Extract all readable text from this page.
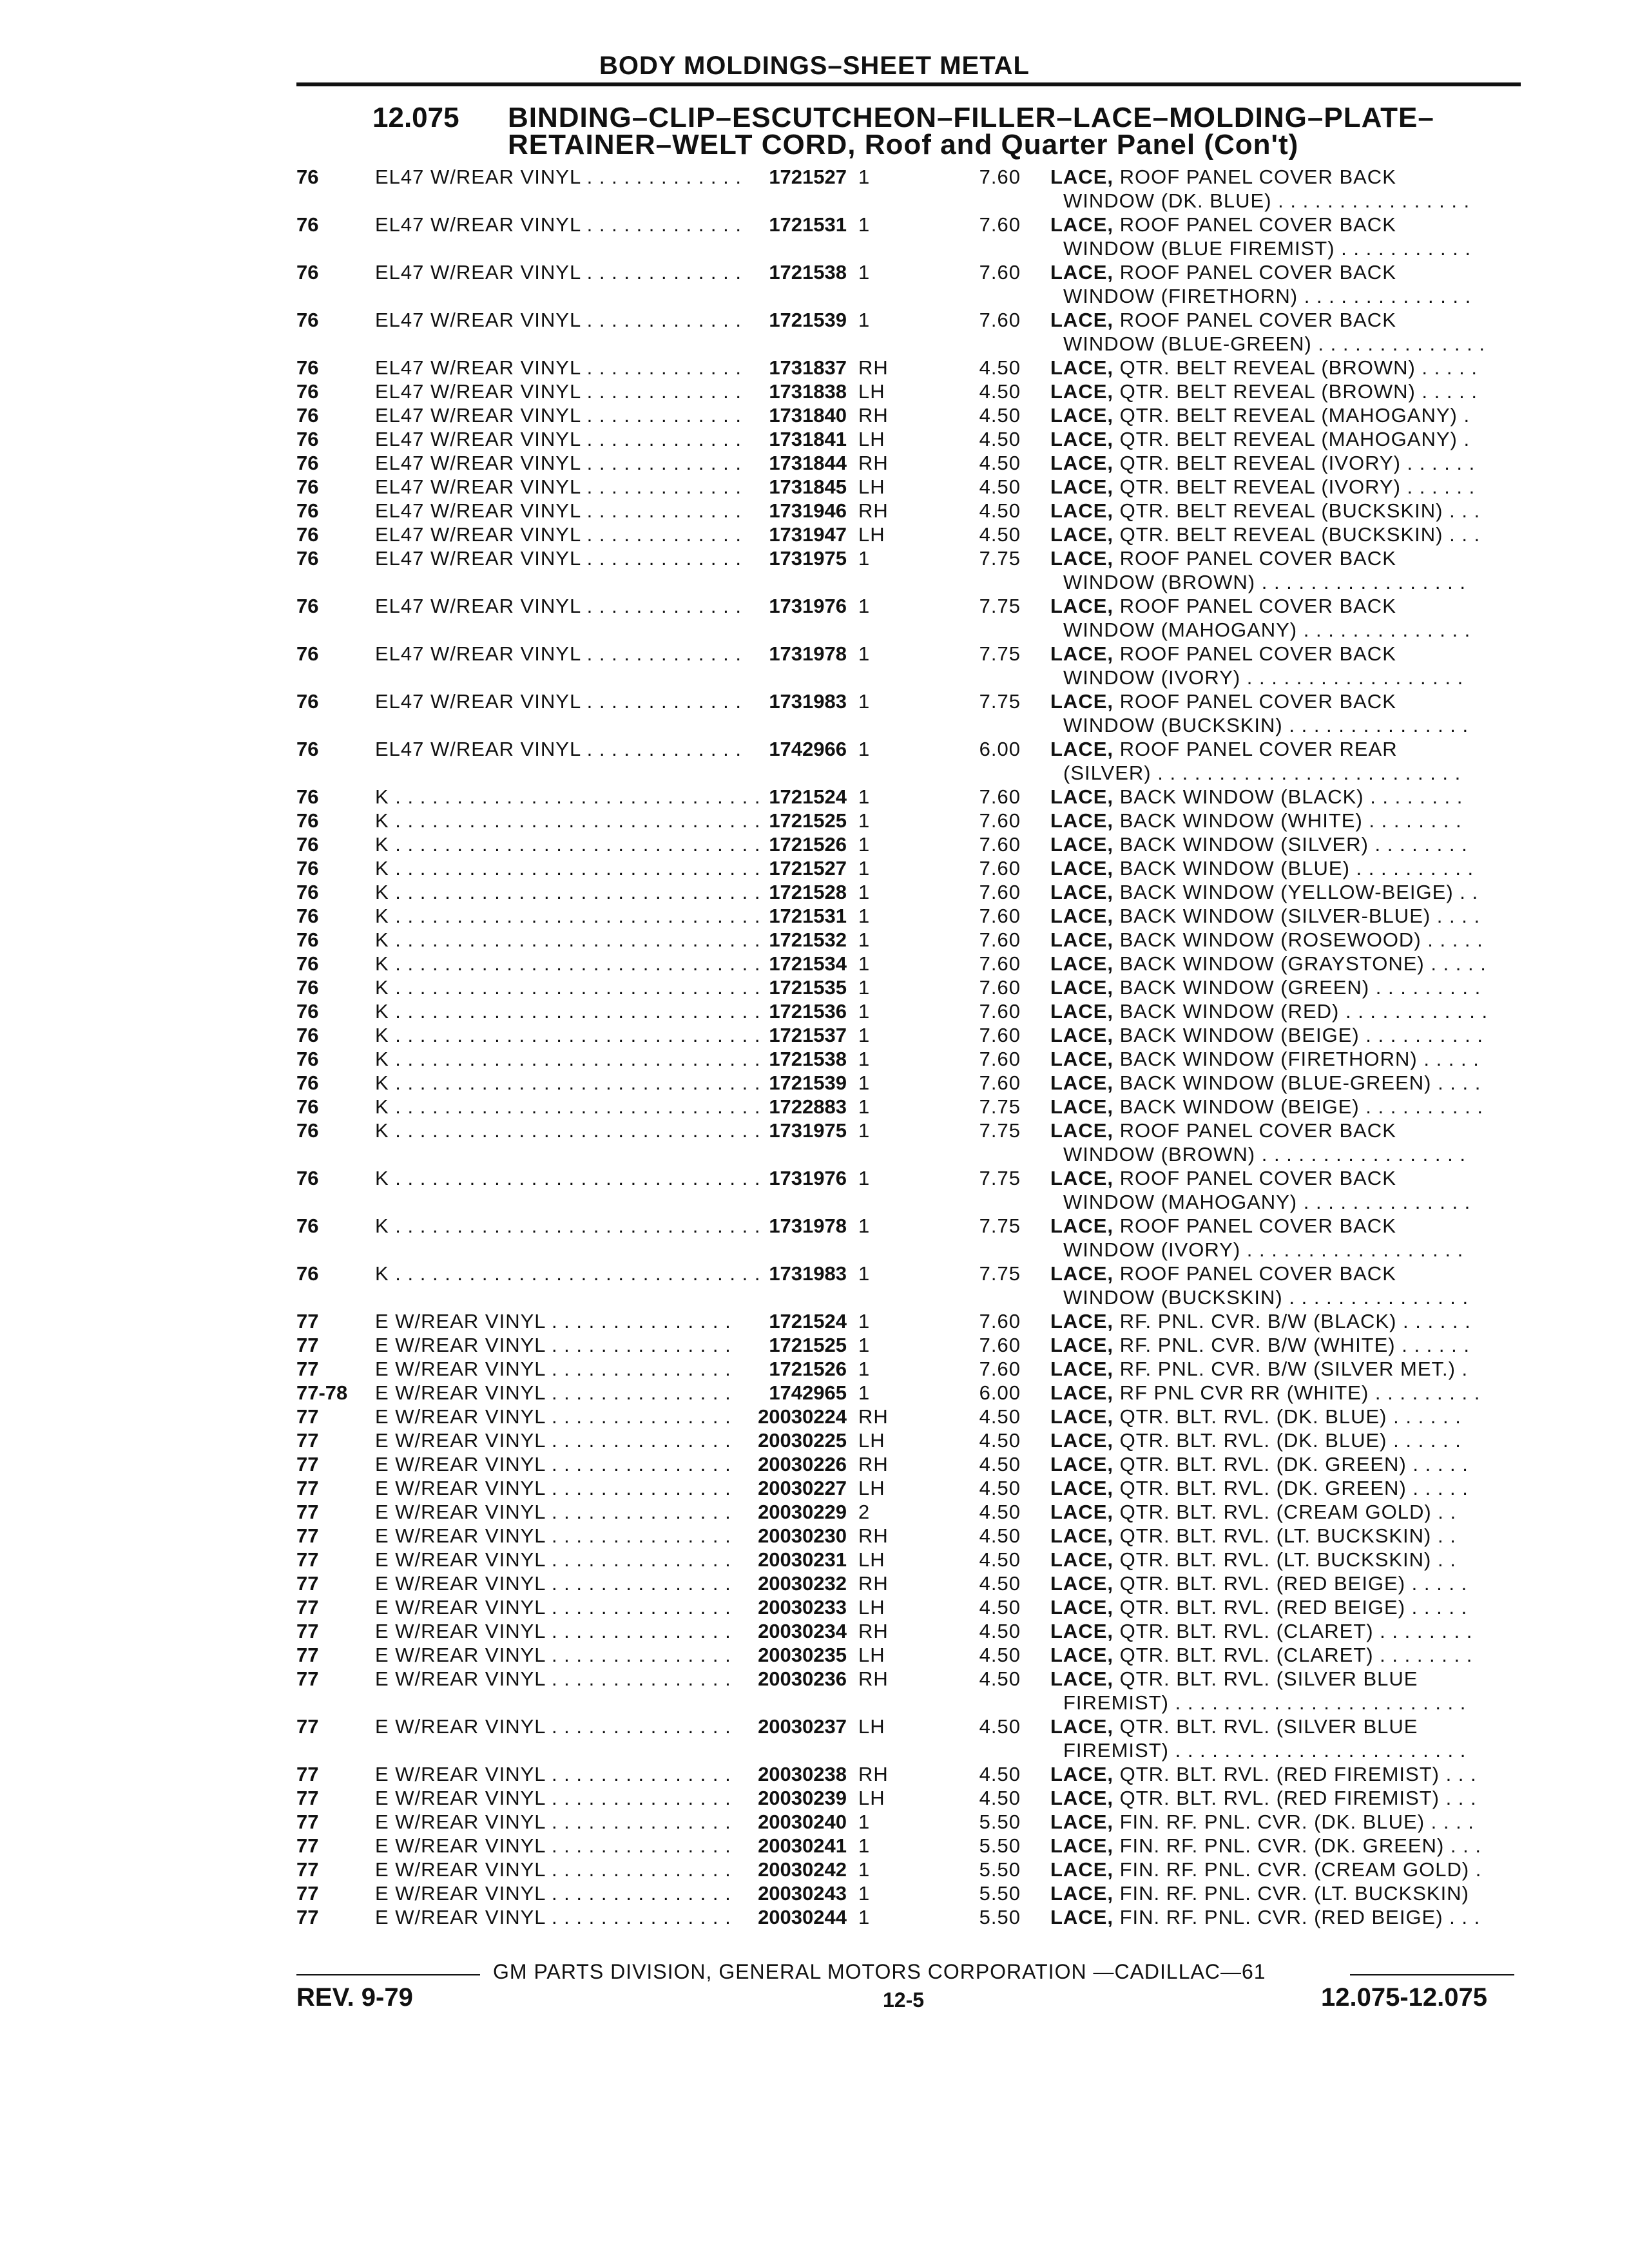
BODY MOLDINGS–SHEET METAL
12.075 BINDING–CLIP–ESCUTCHEON–FILLER–LACE–MOLDING–PLATE–
RETAINER–WELT CORD, Roof and Quarter Panel (Con't)
76	EL47 W/REAR VINYL . . . . . . . . . . . . .	1721527 1	7.60 LACE, ROOF PANEL COVER BACK
WINDOW (DK. BLUE) . . . . . . . . . . . . . . . .
76	EL47 W/REAR VINYL . . . . . . . . . . . . .	1721531 1	7.60 LACE, ROOF PANEL COVER BACK
WINDOW (BLUE FIREMIST) . . . . . . . . . . .
76	EL47 W/REAR VINYL . . . . . . . . . . . . .	1721538 1	7.60 LACE, ROOF PANEL COVER BACK
WINDOW (FIRETHORN) . . . . . . . . . . . . . .
76	EL47 W/REAR VINYL . . . . . . . . . . . . .	1721539 1	7.60 LACE, ROOF PANEL COVER BACK
WINDOW (BLUE-GREEN) . . . . . . . . . . . . . .
76	EL47 W/REAR VINYL . . . . . . . . . . . . .	1731837 RH	4.50 LACE, QTR. BELT REVEAL (BROWN) . . . . .
76	EL47 W/REAR VINYL . . . . . . . . . . . . .	1731838 LH	4.50 LACE, QTR. BELT REVEAL (BROWN) . . . . .
76	EL47 W/REAR VINYL . . . . . . . . . . . . .	1731840 RH	4.50 LACE, QTR. BELT REVEAL (MAHOGANY) .
76	EL47 W/REAR VINYL . . . . . . . . . . . . .	1731841 LH	4.50 LACE, QTR. BELT REVEAL (MAHOGANY) .
76	EL47 W/REAR VINYL . . . . . . . . . . . . .	1731844 RH	4.50 LACE, QTR. BELT REVEAL (IVORY) . . . . . .
76	EL47 W/REAR VINYL . . . . . . . . . . . . .	1731845 LH	4.50 LACE, QTR. BELT REVEAL (IVORY) . . . . . .
76	EL47 W/REAR VINYL . . . . . . . . . . . . .	1731946 RH	4.50 LACE, QTR. BELT REVEAL (BUCKSKIN) . . .
76	EL47 W/REAR VINYL . . . . . . . . . . . . .	1731947 LH	4.50 LACE, QTR. BELT REVEAL (BUCKSKIN) . . .
76	EL47 W/REAR VINYL . . . . . . . . . . . . .	1731975 1	7.75 LACE, ROOF PANEL COVER BACK
WINDOW (BROWN) . . . . . . . . . . . . . . . . .
76	EL47 W/REAR VINYL . . . . . . . . . . . . .	1731976 1	7.75 LACE, ROOF PANEL COVER BACK
WINDOW (MAHOGANY) . . . . . . . . . . . . . .
76	EL47 W/REAR VINYL . . . . . . . . . . . . .	1731978 1	7.75 LACE, ROOF PANEL COVER BACK
WINDOW (IVORY) . . . . . . . . . . . . . . . . . .
76	EL47 W/REAR VINYL . . . . . . . . . . . . .	1731983 1	7.75 LACE, ROOF PANEL COVER BACK
WINDOW (BUCKSKIN) . . . . . . . . . . . . . . .
76	EL47 W/REAR VINYL . . . . . . . . . . . . .	1742966 1	6.00 LACE, ROOF PANEL COVER REAR
(SILVER) . . . . . . . . . . . . . . . . . . . . . . . . .
76	K . . . . . . . . . . . . . . . . . . . . . . . . . . . . . . 1721524 1	7.60 LACE, BACK WINDOW (BLACK) . . . . . . . .
76	K . . . . . . . . . . . . . . . . . . . . . . . . . . . . . . 1721525 1	7.60 LACE, BACK WINDOW (WHITE) . . . . . . . .
76	K . . . . . . . . . . . . . . . . . . . . . . . . . . . . . . 1721526 1	7.60 LACE, BACK WINDOW (SILVER) . . . . . . . .
76	K . . . . . . . . . . . . . . . . . . . . . . . . . . . . . . 1721527 1	7.60 LACE, BACK WINDOW (BLUE) . . . . . . . . . .
76	K . . . . . . . . . . . . . . . . . . . . . . . . . . . . . . 1721528 1	7.60 LACE, BACK WINDOW (YELLOW-BEIGE) . .
76	K . . . . . . . . . . . . . . . . . . . . . . . . . . . . . . 1721531 1	7.60 LACE, BACK WINDOW (SILVER-BLUE) . . . .
76	K . . . . . . . . . . . . . . . . . . . . . . . . . . . . . . 1721532 1	7.60 LACE, BACK WINDOW (ROSEWOOD) . . . . .
76	K . . . . . . . . . . . . . . . . . . . . . . . . . . . . . . 1721534 1	7.60 LACE, BACK WINDOW (GRAYSTONE) . . . . .
76	K . . . . . . . . . . . . . . . . . . . . . . . . . . . . . . 1721535 1	7.60 LACE, BACK WINDOW (GREEN) . . . . . . . . .
76	K . . . . . . . . . . . . . . . . . . . . . . . . . . . . . . 1721536 1	7.60 LACE, BACK WINDOW (RED) . . . . . . . . . . . .
76	K . . . . . . . . . . . . . . . . . . . . . . . . . . . . . . 1721537 1	7.60 LACE, BACK WINDOW (BEIGE) . . . . . . . . . .
76	K . . . . . . . . . . . . . . . . . . . . . . . . . . . . . . 1721538 1	7.60 LACE, BACK WINDOW (FIRETHORN) . . . . .
76	K . . . . . . . . . . . . . . . . . . . . . . . . . . . . . . 1721539 1	7.60 LACE, BACK WINDOW (BLUE-GREEN) . . . .
76	K . . . . . . . . . . . . . . . . . . . . . . . . . . . . . . 1722883 1	7.75 LACE, BACK WINDOW (BEIGE) . . . . . . . . . .
76	K . . . . . . . . . . . . . . . . . . . . . . . . . . . . . . 1731975 1	7.75 LACE, ROOF PANEL COVER BACK
WINDOW (BROWN) . . . . . . . . . . . . . . . . .
76	K . . . . . . . . . . . . . . . . . . . . . . . . . . . . . . 1731976 1	7.75 LACE, ROOF PANEL COVER BACK
WINDOW (MAHOGANY) . . . . . . . . . . . . . .
76	K . . . . . . . . . . . . . . . . . . . . . . . . . . . . . . 1731978 1	7.75 LACE, ROOF PANEL COVER BACK
WINDOW (IVORY) . . . . . . . . . . . . . . . . . .
76	K . . . . . . . . . . . . . . . . . . . . . . . . . . . . . . 1731983 1	7.75 LACE, ROOF PANEL COVER BACK
WINDOW (BUCKSKIN) . . . . . . . . . . . . . . .
77	E W/REAR VINYL . . . . . . . . . . . . . . .	1721524 1	7.60 LACE, RF. PNL. CVR. B/W (BLACK) . . . . . .
77	E W/REAR VINYL . . . . . . . . . . . . . . .	1721525 1	7.60 LACE, RF. PNL. CVR. B/W (WHITE) . . . . . .
77	E W/REAR VINYL . . . . . . . . . . . . . . .	1721526 1	7.60 LACE, RF. PNL. CVR. B/W (SILVER MET.) .
77-78 E W/REAR VINYL . . . . . . . . . . . . . . .	1742965 1	6.00 LACE, RF PNL CVR RR (WHITE) . . . . . . . . .
77	E W/REAR VINYL . . . . . . . . . . . . . . .	20030224 RH	4.50 LACE, QTR. BLT. RVL. (DK. BLUE) . . . . . .
77	E W/REAR VINYL . . . . . . . . . . . . . . .	20030225 LH	4.50 LACE, QTR. BLT. RVL. (DK. BLUE) . . . . . .
77	E W/REAR VINYL . . . . . . . . . . . . . . .	20030226 RH	4.50 LACE, QTR. BLT. RVL. (DK. GREEN) . . . . .
77	E W/REAR VINYL . . . . . . . . . . . . . . .	20030227 LH	4.50 LACE, QTR. BLT. RVL. (DK. GREEN) . . . . .
77	E W/REAR VINYL . . . . . . . . . . . . . . .	20030229 2	4.50 LACE, QTR. BLT. RVL. (CREAM GOLD) . .
77	E W/REAR VINYL . . . . . . . . . . . . . . .	20030230 RH	4.50 LACE, QTR. BLT. RVL. (LT. BUCKSKIN) . .
77	E W/REAR VINYL . . . . . . . . . . . . . . .	20030231 LH	4.50 LACE, QTR. BLT. RVL. (LT. BUCKSKIN) . .
77	E W/REAR VINYL . . . . . . . . . . . . . . .	20030232 RH	4.50 LACE, QTR. BLT. RVL. (RED BEIGE) . . . . .
77	E W/REAR VINYL . . . . . . . . . . . . . . .	20030233 LH	4.50 LACE, QTR. BLT. RVL. (RED BEIGE) . . . . .
77	E W/REAR VINYL . . . . . . . . . . . . . . .	20030234 RH	4.50 LACE, QTR. BLT. RVL. (CLARET) . . . . . . . .
77	E W/REAR VINYL . . . . . . . . . . . . . . .	20030235 LH	4.50 LACE, QTR. BLT. RVL. (CLARET) . . . . . . . .
77	E W/REAR VINYL . . . . . . . . . . . . . . .	20030236 RH	4.50 LACE, QTR. BLT. RVL. (SILVER BLUE
FIREMIST) . . . . . . . . . . . . . . . . . . . . . . . .
77	E W/REAR VINYL . . . . . . . . . . . . . . .	20030237 LH	4.50 LACE, QTR. BLT. RVL. (SILVER BLUE
FIREMIST) . . . . . . . . . . . . . . . . . . . . . . . .
77	E W/REAR VINYL . . . . . . . . . . . . . . .	20030238 RH	4.50 LACE, QTR. BLT. RVL. (RED FIREMIST) . . .
77	E W/REAR VINYL . . . . . . . . . . . . . . .	20030239 LH	4.50 LACE, QTR. BLT. RVL. (RED FIREMIST) . . .
77	E W/REAR VINYL . . . . . . . . . . . . . . .	20030240 1	5.50 LACE, FIN. RF. PNL. CVR. (DK. BLUE) . . . .
77	E W/REAR VINYL . . . . . . . . . . . . . . .	20030241 1	5.50 LACE, FIN. RF. PNL. CVR. (DK. GREEN) . . .
77	E W/REAR VINYL . . . . . . . . . . . . . . .	20030242 1	5.50 LACE, FIN. RF. PNL. CVR. (CREAM GOLD) .
77	E W/REAR VINYL . . . . . . . . . . . . . . .	20030243 1	5.50 LACE, FIN. RF. PNL. CVR. (LT. BUCKSKIN)
77	E W/REAR VINYL . . . . . . . . . . . . . . .	20030244 1	5.50 LACE, FIN. RF. PNL. CVR. (RED BEIGE) . . .
GM PARTS DIVISION, GENERAL MOTORS CORPORATION —CADILLAC—61
REV. 9-79	12-5	12.075-12.075
